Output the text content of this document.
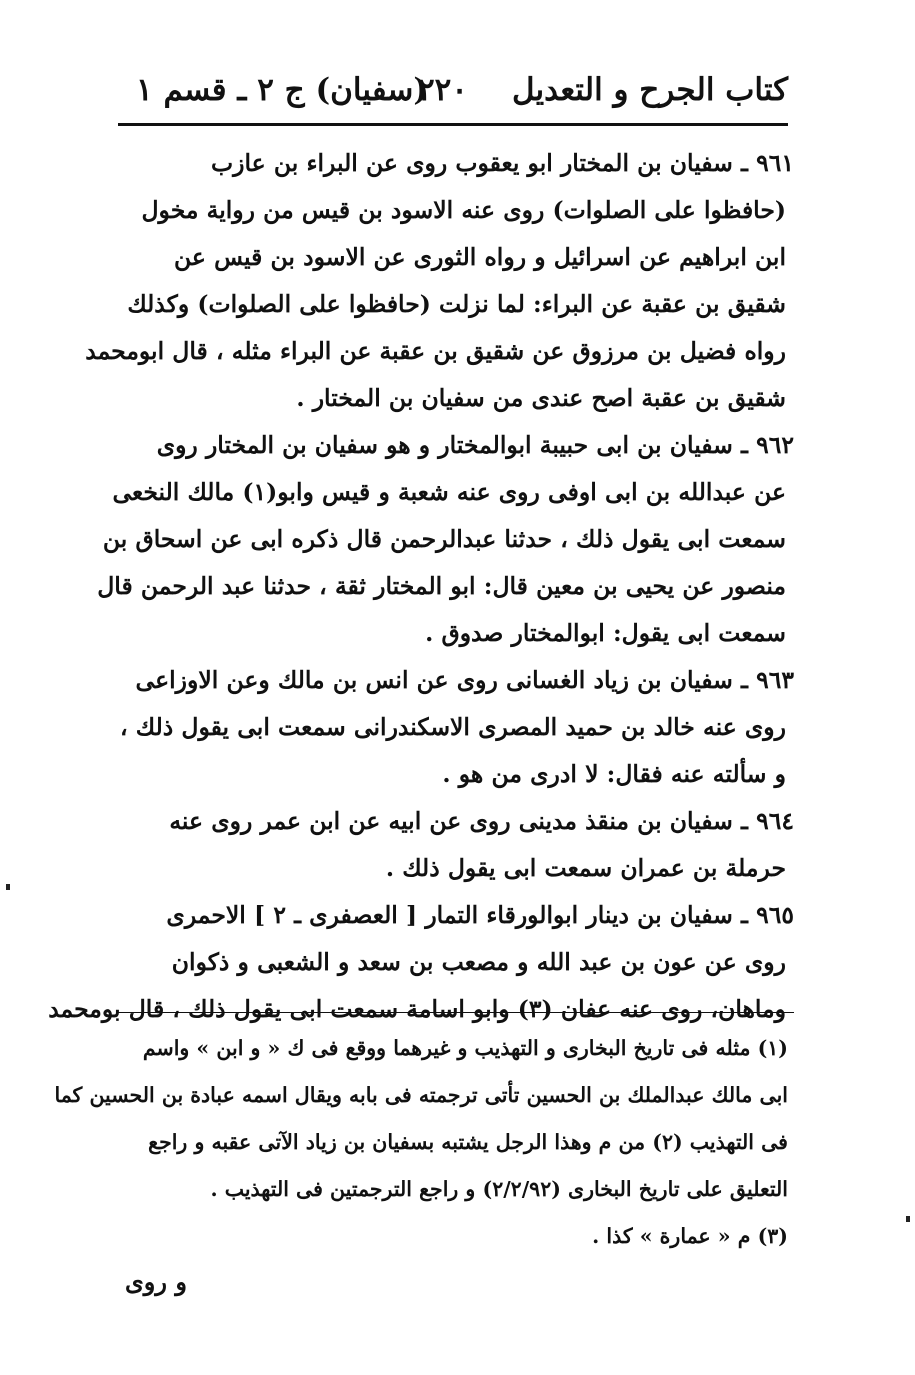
كتاب الجرح و التعديل
٢٢٠
(سفيان) ج ٢ ـ قسم ١
٩٦١ ـ سفيان بن المختار ابو يعقوب روى عن البراء بن عازب
(حافظوا على الصلوات) روى عنه الاسود بن قيس من رواية مخول
ابن ابراهيم عن اسرائيل و رواه الثورى عن الاسود بن قيس عن
شقيق بن عقبة عن البراء: لما نزلت (حافظوا على الصلوات) وكذلك
رواه فضيل بن مرزوق عن شقيق بن عقبة عن البراء مثله ، قال ابومحمد
شقيق بن عقبة اصح عندى من سفيان بن المختار .
٩٦٢ ـ سفيان بن ابى حبيبة ابوالمختار و هو سفيان بن المختار روى
عن عبدالله بن ابى اوفى روى عنه شعبة و قيس وابو(١) مالك النخعى
سمعت ابى يقول ذلك ، حدثنا عبدالرحمن قال ذكره ابى عن اسحاق بن
منصور عن يحيى بن معين قال: ابو المختار ثقة ، حدثنا عبد الرحمن قال
سمعت ابى يقول: ابوالمختار صدوق .
٩٦٣ ـ سفيان بن زياد الغسانى روى عن انس بن مالك وعن الاوزاعى
روى عنه خالد بن حميد المصرى الاسكندرانى سمعت ابى يقول ذلك ،
و سألته عنه فقال: لا ادرى من هو .
٩٦٤ ـ سفيان بن منقذ مدينى روى عن ابيه عن ابن عمر روى عنه
حرملة بن عمران سمعت ابى يقول ذلك .
٩٦٥ ـ سفيان بن دينار ابوالورقاء التمار [ العصفرى ـ ٢ ] الاحمرى
روى عن عون بن عبد الله و مصعب بن سعد و الشعبى و ذكوان
وماهان، روى عنه عفان (٣) وابو اسامة سمعت ابى يقول ذلك ، قال بومحمد
(١) مثله فى تاريخ البخارى و التهذيب و غيرهما ووقع فى ك « و ابن » واسم
ابى مالك عبدالملك بن الحسين تأتى ترجمته فى بابه ويقال اسمه عبادة بن الحسين كما
فى التهذيب (٢) من م وهذا الرجل يشتبه بسفيان بن زياد الآتى عقبه و راجع
التعليق على تاريخ البخارى (٢/٢/٩٢) و راجع الترجمتين فى التهذيب .
(٣) م « عمارة » كذا .
و روى
